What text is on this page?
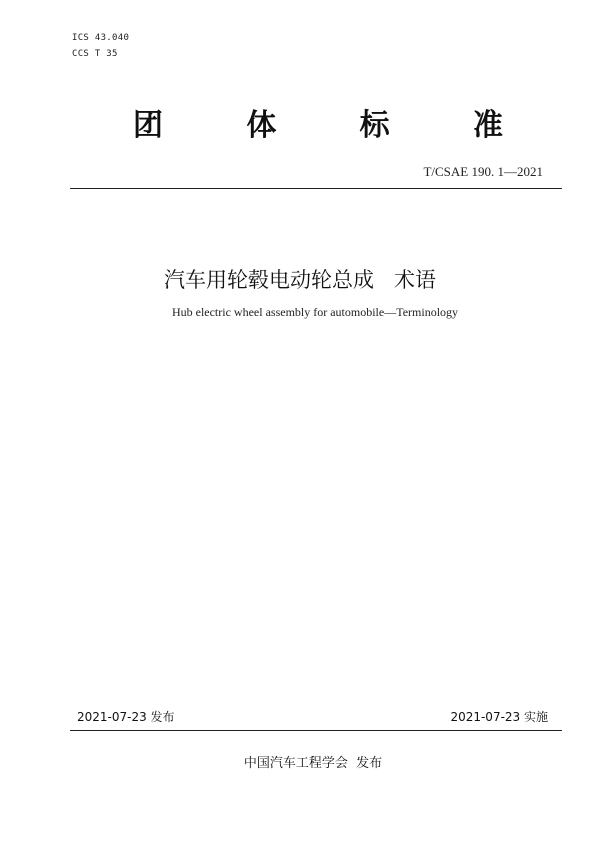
ICS 43.040
CCS T 35
团	体	标	准
T/CSAE 190. 1—2021
汽车用轮毂电动轮总成   术语
Hub electric wheel assembly for automobile—Terminology
2021-07-23 发布	2021-07-23 实施
中国汽车工程学会  发布
